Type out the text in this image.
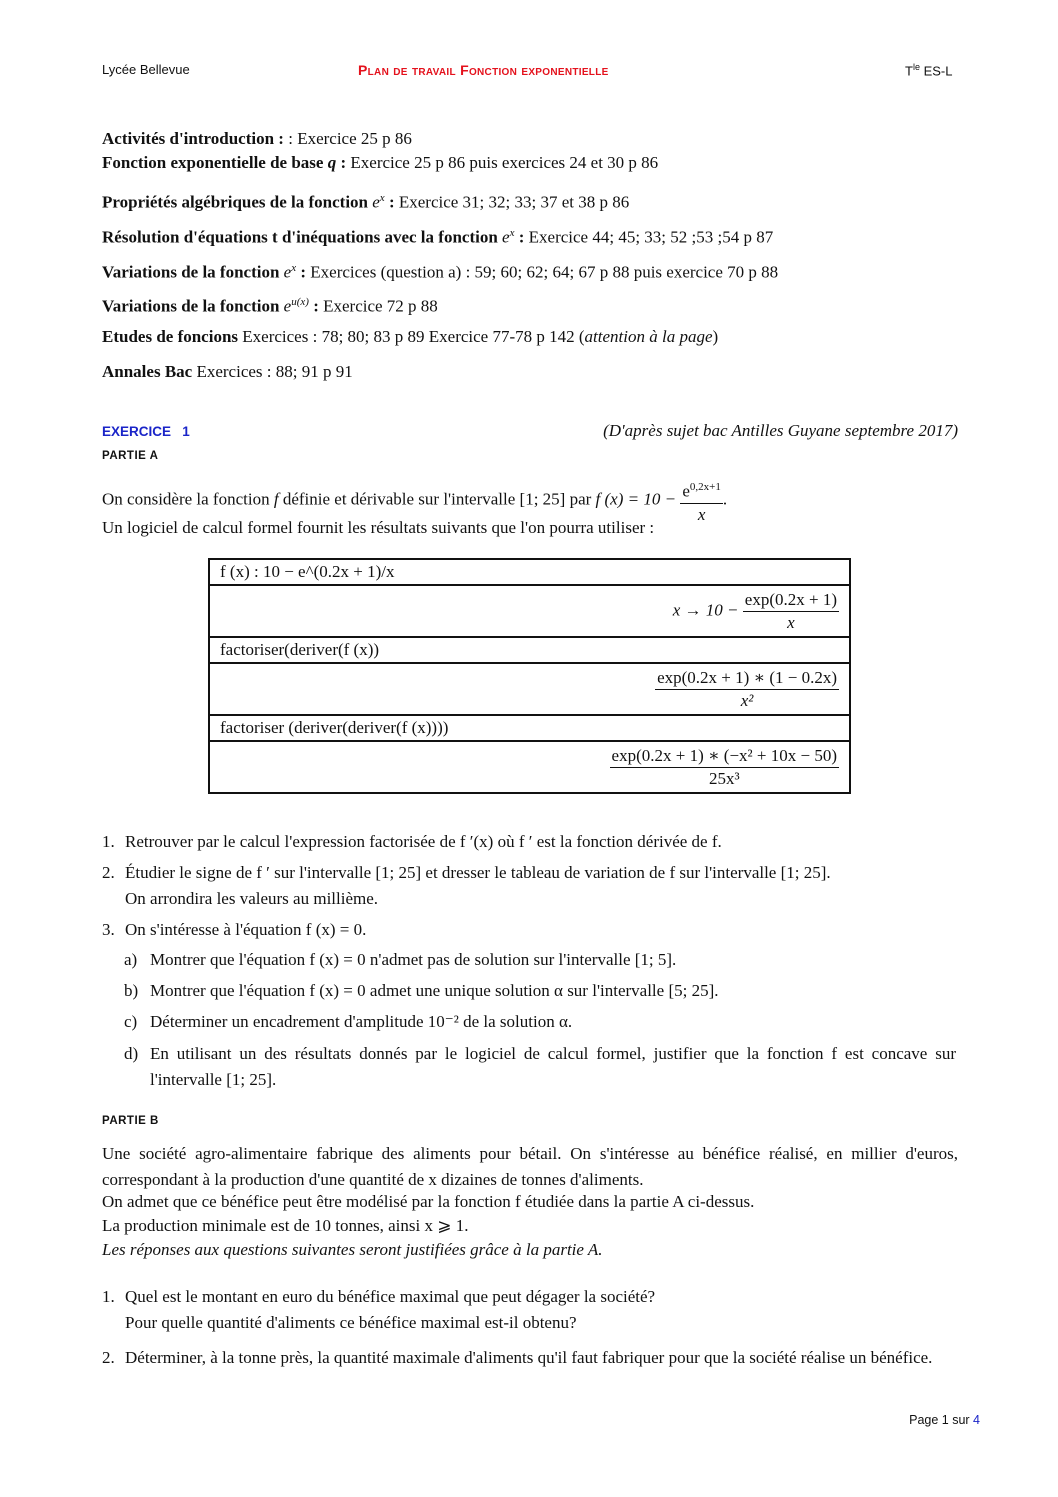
Lycée Bellevue	Plan de travail Fonction exponentielle	$T^{le}$ ES-L
Activités d'introduction : : Exercice 25 p 86
Fonction exponentielle de base q : Exercice 25 p 86 puis exercices 24 et 30 p 86
Propriétés algébriques de la fonction $e^x$ : Exercice 31; 32; 33; 37 et 38 p 86
Résolution d'équations t d'inéquations avec la fonction $e^x$ : Exercice 44; 45; 33; 52 ;53 ;54 p 87
Variations de la fonction $e^x$ : Exercices (question a) : 59; 60; 62; 64; 67 p 88 puis exercice 70 p 88
Variations de la fonction $e^{u(x)}$ : Exercice 72 p 88
Etudes de foncions Exercices : 78; 80; 83 p 89 Exercice 77-78 p 142 (attention à la page)
Annales Bac Exercices : 88; 91 p 91
EXERCICE   1	(D'après sujet bac Antilles Guyane septembre 2017)
PARTIE A
On considère la fonction f définie et dérivable sur l'intervalle [1; 25] par f $(x) = 10 - \frac{e^{0,2x+1}}{x}$ .
Un logiciel de calcul formel fournit les résultats suivants que l'on pourra utiliser :
f (x) : 10 − e^(0.2x + 1)/x
$x \to 10 - \frac{\exp(0.2x + 1)}{x}$

factoriser(deriver(f (x))

$\frac{\exp(0.2x + 1) ∗ (1 - 0.2x)}{\text{x²}}$

factoriser (deriver(deriver(f (x))))

$\frac{\text{exp(0.2x + 1) ∗ (−x² + 10x − 50)}}{\text{25x³}}$
1. Retrouver par le calcul l'expression factorisée de f ′(x) où f ′ est la fonction dérivée de f.
2. Étudier le signe de f ′ sur l'intervalle [1; 25] et dresser le tableau de variation de f sur l'intervalle [1; 25].
On arrondira les valeurs au millième.
3. On s'intéresse à l'équation f (x) = 0.
a) Montrer que l'équation f (x) = 0 n'admet pas de solution sur l'intervalle [1; 5].
b) Montrer que l'équation f (x) = 0 admet une unique solution α sur l'intervalle [5; 25].
c) Déterminer un encadrement d'amplitude 10⁻² de la solution α.
d) En utilisant un des résultats donnés par le logiciel de calcul formel, justifier que la fonction f est concave sur l'intervalle [1; 25].
PARTIE B
Une société agro-alimentaire fabrique des aliments pour bétail. On s'intéresse au bénéfice réalisé, en millier d'euros, correspondant à la production d'une quantité de x dizaines de tonnes d'aliments.
On admet que ce bénéfice peut être modélisé par la fonction f étudiée dans la partie A ci-dessus.
La production minimale est de 10 tonnes, ainsi x ⩾ 1.
Les réponses aux questions suivantes seront justifiées grâce à la partie A.
1. Quel est le montant en euro du bénéfice maximal que peut dégager la société?
Pour quelle quantité d'aliments ce bénéfice maximal est-il obtenu?
2. Déterminer, à la tonne près, la quantité maximale d'aliments qu'il faut fabriquer pour que la société réalise un bénéfice.
Page 1 sur 4
